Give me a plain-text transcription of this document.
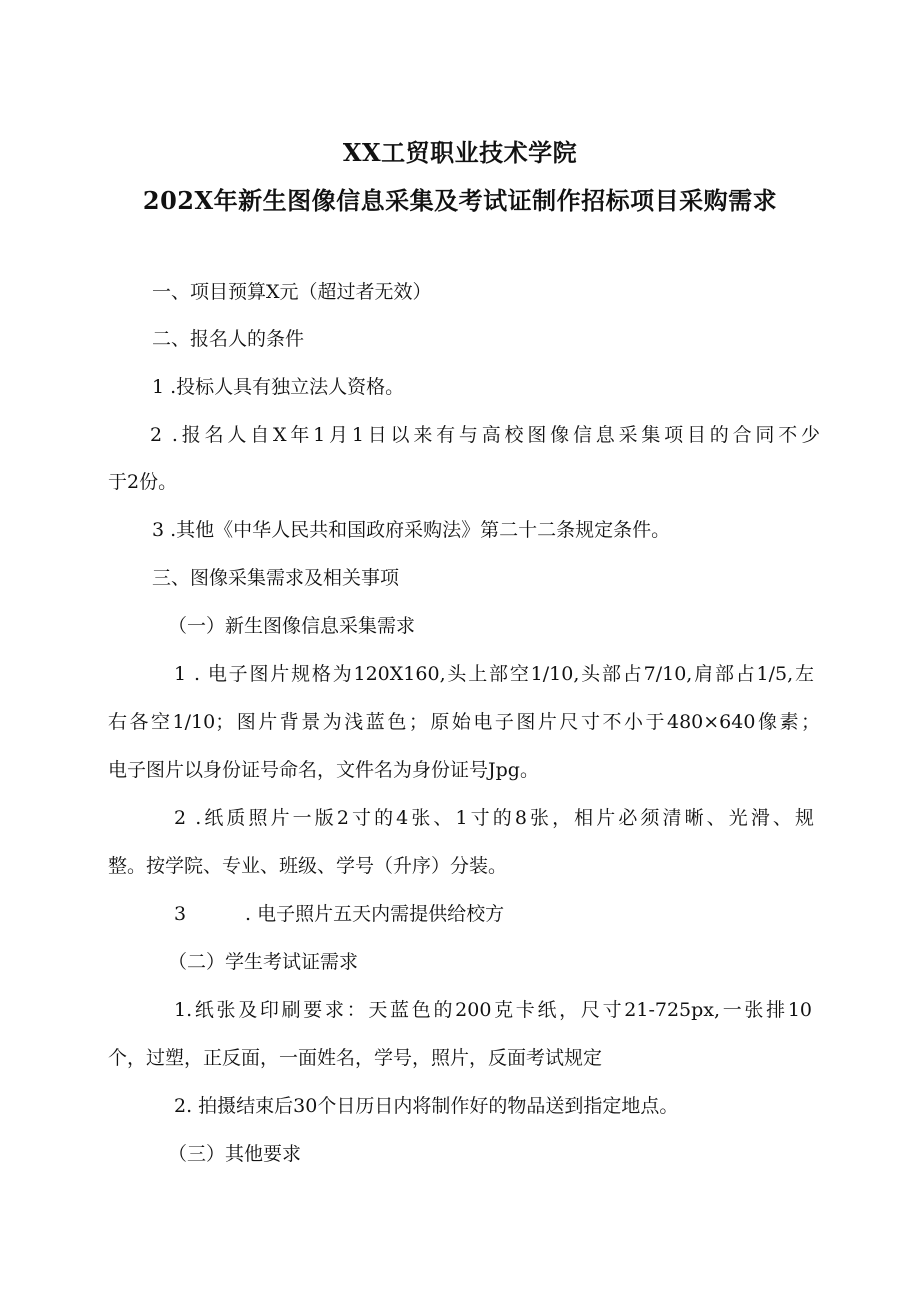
XX工贸职业技术学院
202X年新生图像信息采集及考试证制作招标项目采购需求
一、项目预算X元（超过者无效）
二、报名人的条件
1 .投标人具有独立法人资格。
2 .报名人自X年1月1日以来有与高校图像信息采集项目的合同不少
于2份。
3 .其他《中华人民共和国政府采购法》第二十二条规定条件。
三、图像采集需求及相关事项
（一）新生图像信息采集需求
1 . 电子图片规格为120X160,头上部空1/10,头部占7/10,肩部占1/5,左
右各空1/10；图片背景为浅蓝色；原始电子图片尺寸不小于480×640像素；
电子图片以身份证号命名，文件名为身份证号Jpg。
2 .纸质照片一版2寸的4张、1寸的8张，相片必须清晰、光滑、规
整。按学院、专业、班级、学号（升序）分装。
3	. 电子照片五天内需提供给校方
（二）学生考试证需求
1.纸张及印刷要求：天蓝色的200克卡纸，尺寸21-725px,一张排10
个，过塑，正反面，一面姓名，学号，照片，反面考试规定
2. 拍摄结束后30个日历日内将制作好的物品送到指定地点。
（三）其他要求
